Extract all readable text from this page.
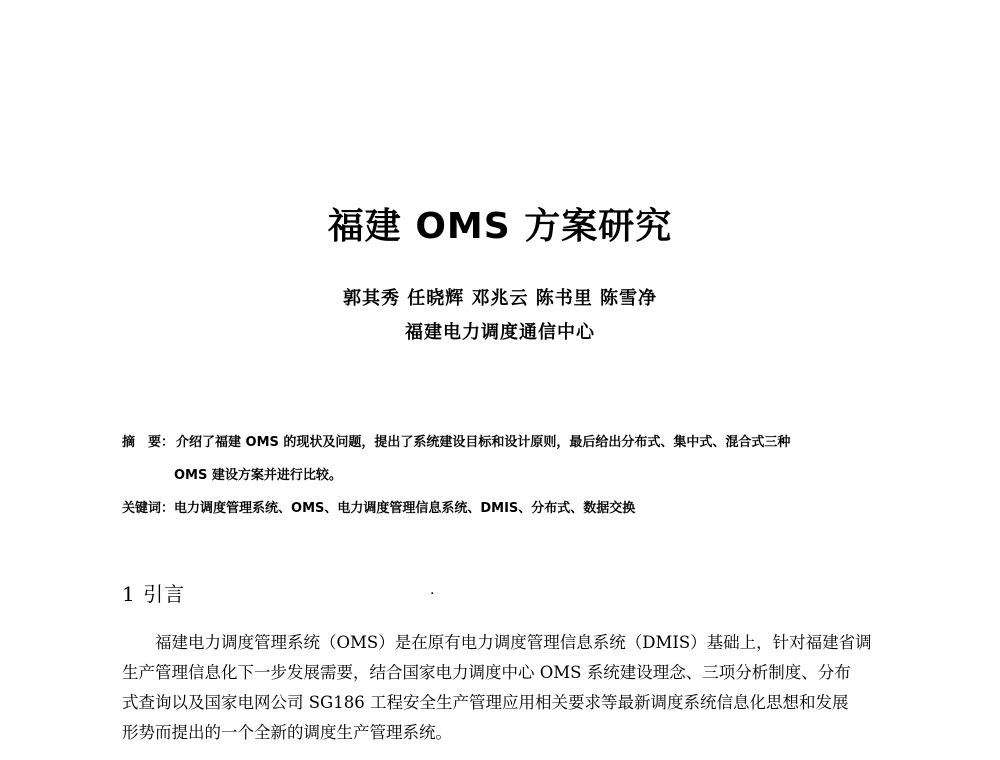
福建 OMS 方案研究
郭其秀 任晓辉 邓兆云 陈书里 陈雪净
福建电力调度通信中心
摘　要： 介绍了福建 OMS 的现状及问题，提出了系统建设目标和设计原则，最后给出分布式、集中式、混合式三种
OMS 建设方案并进行比较。
关键词：电力调度管理系统、OMS、电力调度管理信息系统、DMIS、分布式、数据交换
1 引言	.

福建电力调度管理系统（OMS）是在原有电力调度管理信息系统（DMIS）基础上，针对福建省调
生产管理信息化下一步发展需要，结合国家电力调度中心 OMS 系统建设理念、三项分析制度、分布
式查询以及国家电网公司 SG186 工程安全生产管理应用相关要求等最新调度系统信息化思想和发展
形势而提出的一个全新的调度生产管理系统。
